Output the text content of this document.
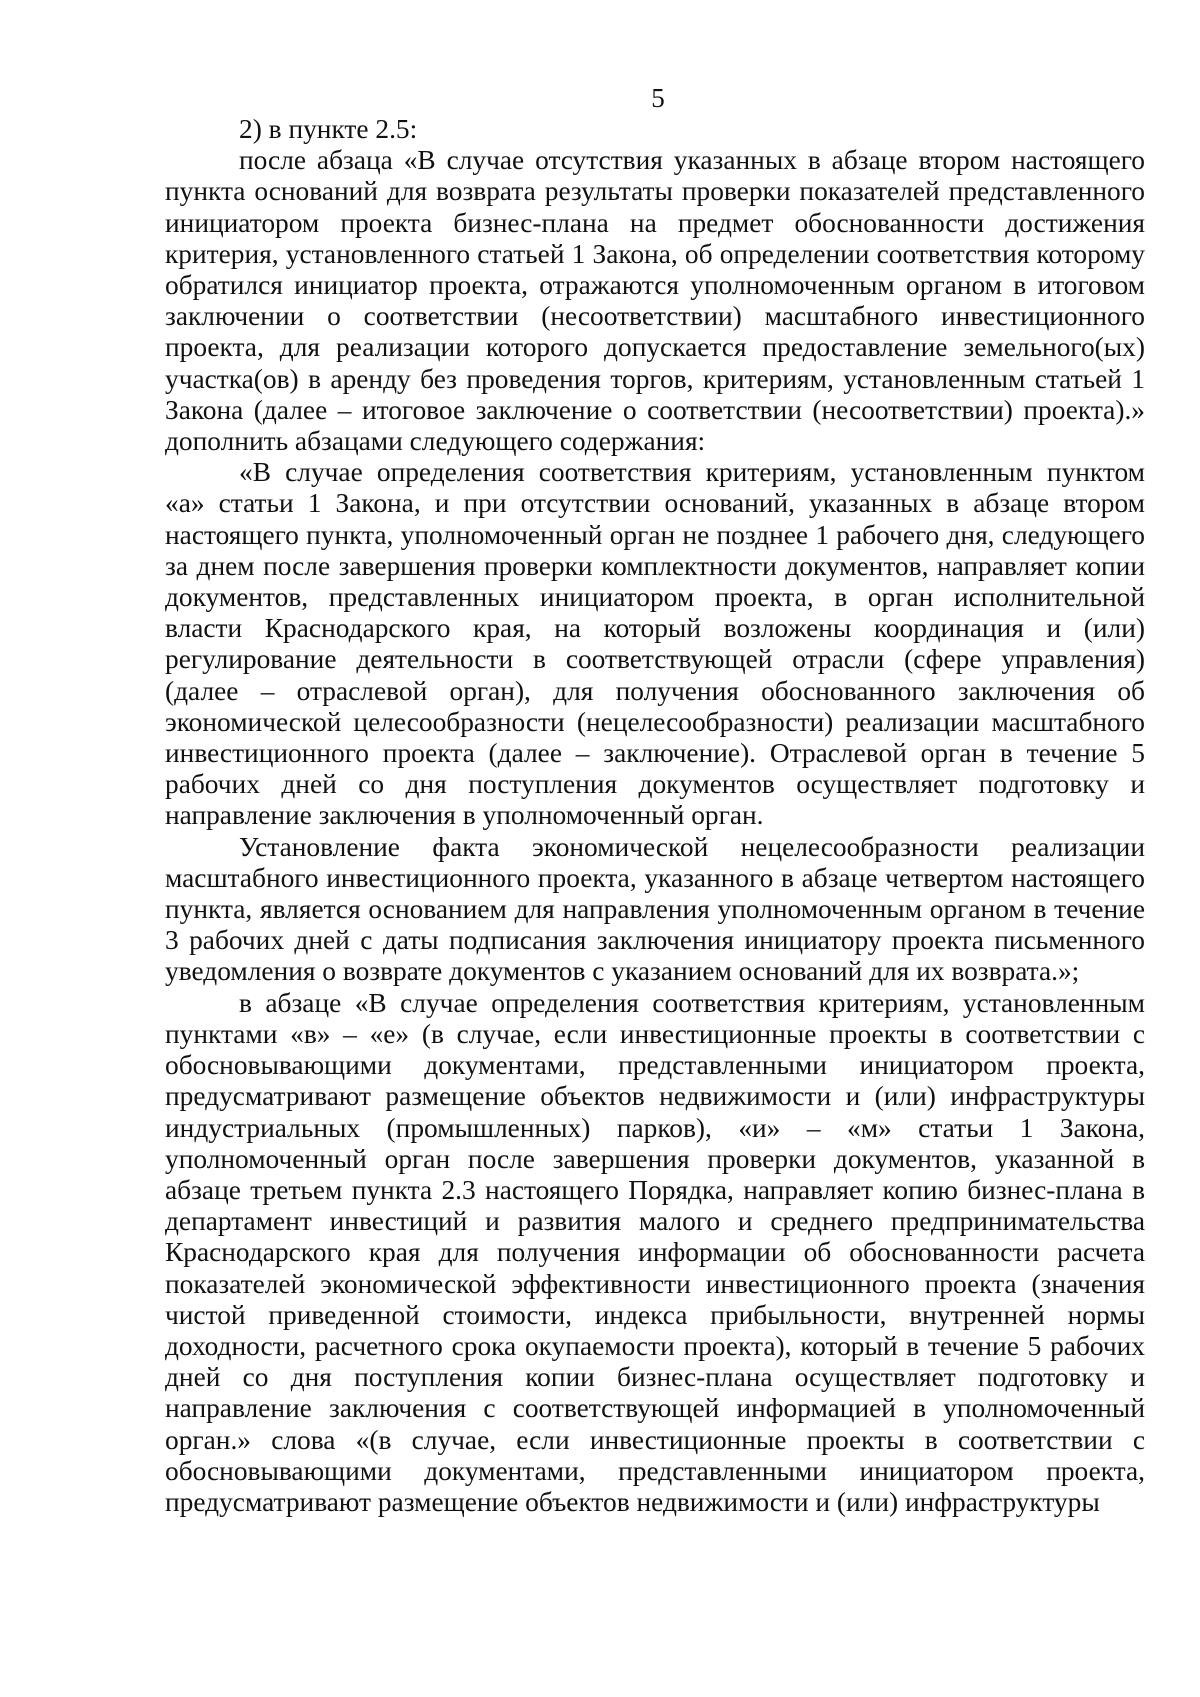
5

2) в пункте 2.5:

после абзаца «В случае отсутствия указанных в абзаце втором настоящего пункта оснований для возврата результаты проверки показателей представленного инициатором проекта бизнес-плана на предмет обоснованности достижения критерия, установленного статьей 1 Закона, об определении соответствия которому обратился инициатор проекта, отражаются уполномоченным органом в итоговом заключении о соответствии (несоответствии) масштабного инвестиционного проекта, для реализации которого допускается предоставление земельного(ых) участка(ов) в аренду без проведения торгов, критериям, установленным статьей 1 Закона (далее – итоговое заключение о соответствии (несоответствии) проекта).» дополнить абзацами следующего содержания:

«В случае определения соответствия критериям, установленным пунктом «а» статьи 1 Закона, и при отсутствии оснований, указанных в абзаце втором настоящего пункта, уполномоченный орган не позднее 1 рабочего дня, следующего за днем после завершения проверки комплектности документов, направляет копии документов, представленных инициатором проекта, в орган исполнительной власти Краснодарского края, на который возложены координация и (или) регулирование деятельности в соответствующей отрасли (сфере управления) (далее – отраслевой орган), для получения обоснованного заключения об экономической целесообразности (нецелесообразности) реализации масштабного инвестиционного проекта (далее – заключение). Отраслевой орган в течение 5 рабочих дней со дня поступления документов осуществляет подготовку и направление заключения в уполномоченный орган.

Установление факта экономической нецелесообразности реализации масштабного инвестиционного проекта, указанного в абзаце четвертом настоящего пункта, является основанием для направления уполномоченным органом в течение 3 рабочих дней с даты подписания заключения инициатору проекта письменного уведомления о возврате документов с указанием оснований для их возврата.»;

в абзаце «В случае определения соответствия критериям, установленным пунктами «в» – «е» (в случае, если инвестиционные проекты в соответствии с обосновывающими документами, представленными инициатором проекта, предусматривают размещение объектов недвижимости и (или) инфраструктуры индустриальных (промышленных) парков), «и» – «м» статьи 1 Закона, уполномоченный орган после завершения проверки документов, указанной в абзаце третьем пункта 2.3 настоящего Порядка, направляет копию бизнес-плана в департамент инвестиций и развития малого и среднего предпринимательства Краснодарского края для получения информации об обоснованности расчета показателей экономической эффективности инвестиционного проекта (значения чистой приведенной стоимости, индекса прибыльности, внутренней нормы доходности, расчетного срока окупаемости проекта), который в течение 5 рабочих дней со дня поступления копии бизнес-плана осуществляет подготовку и направление заключения с соответствующей информацией в уполномоченный орган.» слова «(в случае, если инвестиционные проекты в соответствии с обосновывающими документами, представленными инициатором проекта, предусматривают размещение объектов недвижимости и (или) инфраструктуры
